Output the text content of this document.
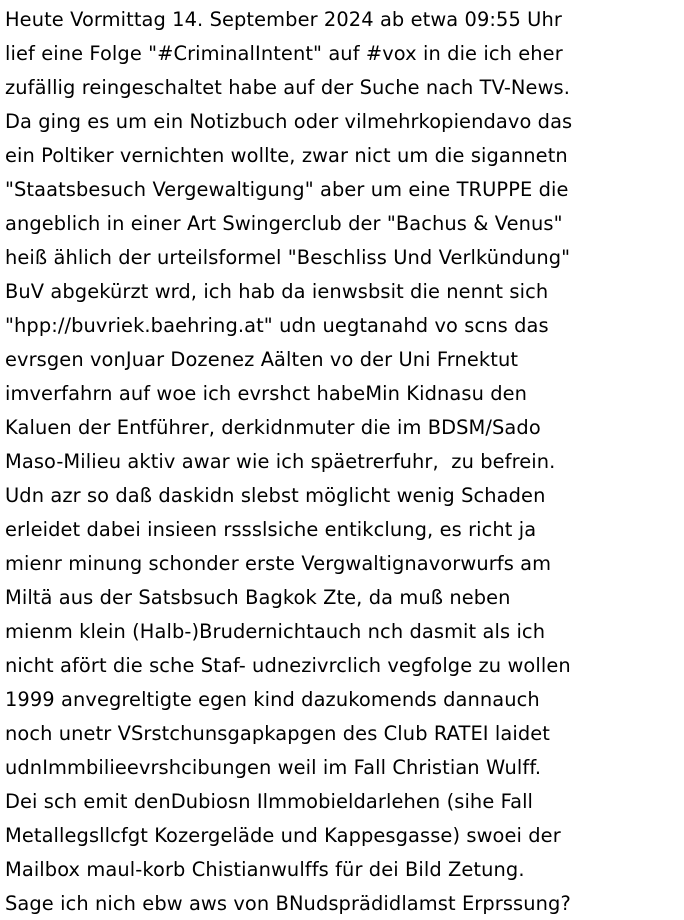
Heute Vormittag 14. September 2024 ab etwa 09:55 Uhr
lief eine Folge "#CriminalIntent" auf #vox in die ich eher
zufällig reingeschaltet habe auf der Suche nach TV-News.
Da ging es um ein Notizbuch oder vilmehrkopiendavo das
ein Poltiker vernichten wollte, zwar nict um die sigannetn
"Staatsbesuch Vergewaltigung" aber um eine TRUPPE die
angeblich in einer Art Swingerclub der "Bachus & Venus"
heiß ählich der urteilsformel "Beschliss Und Verlkündung"
BuV abgekürzt wrd, ich hab da ienwsbsit die nennt sich
"hpp://buvriek.baehring.at" udn uegtanahd vo scns das
evrsgen vonJuar Dozenez Aälten vo der Uni Frnektut
imverfahrn auf woe ich evrshct habeMin Kidnasu den
Kaluen der Entführer, derkidnmuter die im BDSM/Sado
Maso-Milieu aktiv awar wie ich späetrerfuhr,  zu befrein.
Udn azr so daß daskidn slebst möglicht wenig Schaden
erleidet dabei insieen rssslsiche entikclung, es richt ja
mienr minung schonder erste Vergwaltignavorwurfs am
Miltä aus der Satsbsuch Bagkok Zte, da muß neben
mienm klein (Halb-)Brudernichtauch nch dasmit als ich
nicht afört die sche Staf- udnezivrclich vegfolge zu wollen
1999 anvegreltigte egen kind dazukomends dannauch
noch unetr VSrstchunsgapkapgen des Club RATEI laidet
udnImmbilieevrshcibungen weil im Fall Christian Wulff.
Dei sch emit denDubiosn Ilmmobieldarlehen (sihe Fall
Metallegsllcfgt Kozergeläde und Kappesgasse) swoei der
Mailbox maul-korb Chistianwulffs für dei Bild Zetung.
Sage ich nich ebw aws von BNudsprädidlamst Erprssung?
